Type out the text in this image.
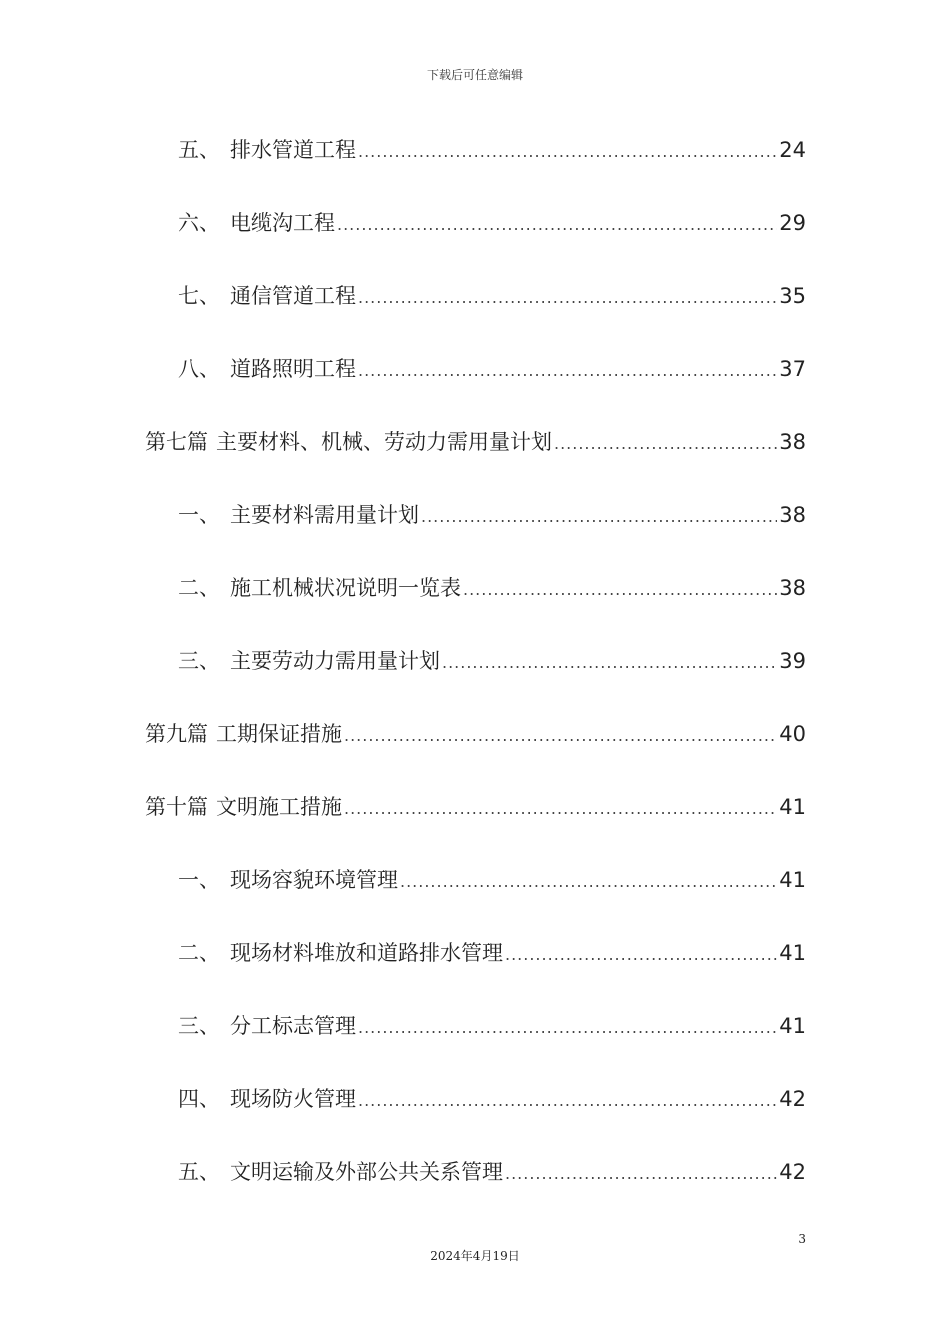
下载后可任意编辑
五、 排水管道工程 .....	24
六、 电缆沟工程 .....	29
七、 通信管道工程 .....	35
八、 道路照明工程 .....	37
第七篇 主要材料、机械、劳动力需用量计划 .....	38
一、 主要材料需用量计划 .....	38
二、 施工机械状况说明一览表 .....	38
三、 主要劳动力需用量计划 .....	39
第九篇 工期保证措施 .....	40
第十篇 文明施工措施 .....	41
一、 现场容貌环境管理 .....	41
二、 现场材料堆放和道路排水管理 .....	41
三、 分工标志管理 .....	41
四、 现场防火管理 .....	42
五、 文明运输及外部公共关系管理 .....	42
3
2024年4月19日
